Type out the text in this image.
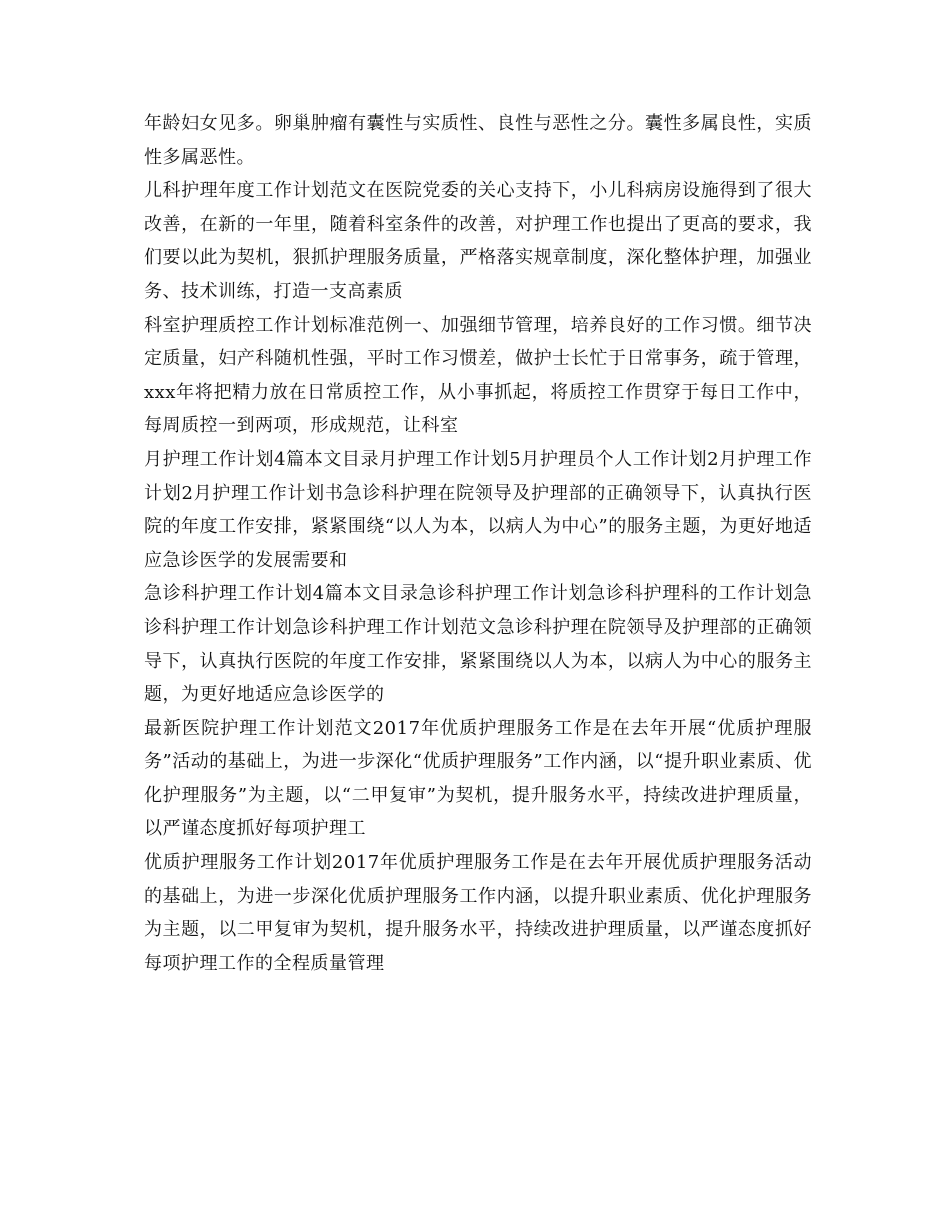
年龄妇女见多。卵巢肿瘤有囊性与实质性、良性与恶性之分。囊性多属良性，实质性多属恶性。

儿科护理年度工作计划范文在医院党委的关心支持下，小儿科病房设施得到了很大改善，在新的一年里，随着科室条件的改善，对护理工作也提出了更高的要求，我们要以此为契机，狠抓护理服务质量，严格落实规章制度，深化整体护理，加强业务、技术训练，打造一支高素质

科室护理质控工作计划标准范例一、加强细节管理，培养良好的工作习惯。细节决定质量，妇产科随机性强，平时工作习惯差，做护士长忙于日常事务，疏于管理，xxx年将把精力放在日常质控工作，从小事抓起，将质控工作贯穿于每日工作中，每周质控一到两项，形成规范，让科室

月护理工作计划4篇本文目录月护理工作计划5月护理员个人工作计划2月护理工作计划2月护理工作计划书急诊科护理在院领导及护理部的正确领导下，认真执行医院的年度工作安排，紧紧围绕“以人为本，以病人为中心”的服务主题，为更好地适应急诊医学的发展需要和

急诊科护理工作计划4篇本文目录急诊科护理工作计划急诊科护理科的工作计划急诊科护理工作计划急诊科护理工作计划范文急诊科护理在院领导及护理部的正确领导下，认真执行医院的年度工作安排，紧紧围绕以人为本，以病人为中心的服务主题，为更好地适应急诊医学的

最新医院护理工作计划范文2017年优质护理服务工作是在去年开展“优质护理服务”活动的基础上，为进一步深化“优质护理服务”工作内涵，以“提升职业素质、优化护理服务”为主题，以“二甲复审”为契机，提升服务水平，持续改进护理质量，以严谨态度抓好每项护理工

优质护理服务工作计划2017年优质护理服务工作是在去年开展优质护理服务活动的基础上，为进一步深化优质护理服务工作内涵，以提升职业素质、优化护理服务为主题，以二甲复审为契机，提升服务水平，持续改进护理质量，以严谨态度抓好每项护理工作的全程质量管理
